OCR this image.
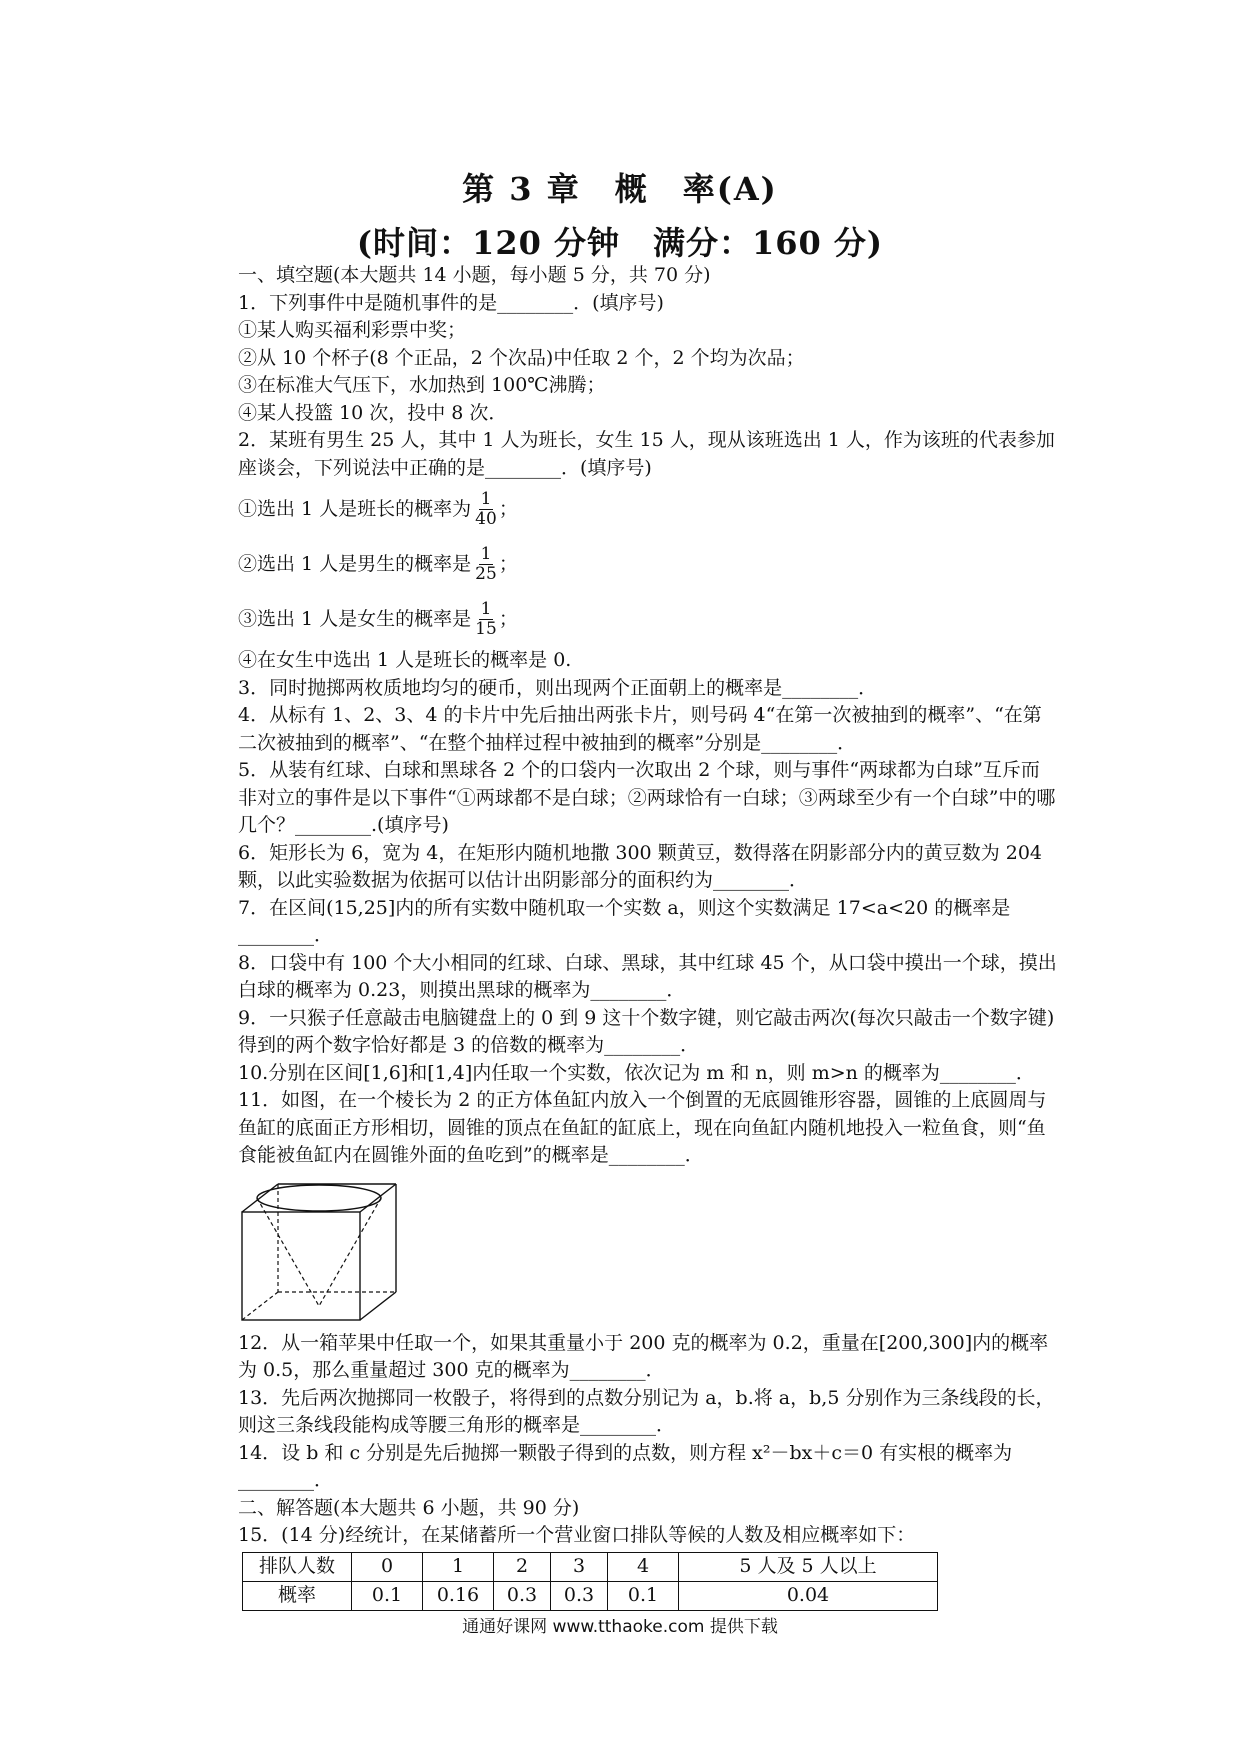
第 3 章　概　率(A)
(时间：120 分钟　满分：160 分)

一、填空题(本大题共 14 小题，每小题 5 分，共 70 分)

1．下列事件中是随机事件的是________．(填序号)

①某人购买福利彩票中奖；

②从 10 个杯子(8 个正品，2 个次品)中任取 2 个，2 个均为次品；

③在标准大气压下，水加热到 100℃沸腾；

④某人投篮 10 次，投中 8 次．

2．某班有男生 25 人，其中 1 人为班长，女生 15 人，现从该班选出 1 人，作为该班的代表参加座谈会，下列说法中正确的是________．(填序号)

①选出 1 人是班长的概率为 $\frac{1}{40}$ ；
②选出 1 人是男生的概率是 $\frac{1}{25}$ ；
③选出 1 人是女生的概率是 $\frac{1}{15}$ ；

④在女生中选出 1 人是班长的概率是 0.

3．同时抛掷两枚质地均匀的硬币，则出现两个正面朝上的概率是________．

4．从标有 1、2、3、4 的卡片中先后抽出两张卡片，则号码 4“在第一次被抽到的概率”、“在第二次被抽到的概率”、“在整个抽样过程中被抽到的概率”分别是________．

5．从装有红球、白球和黑球各 2 个的口袋内一次取出 2 个球，则与事件“两球都为白球”互斥而非对立的事件是以下事件“①两球都不是白球；②两球恰有一白球；③两球至少有一个白球”中的哪几个？________.(填序号)

6．矩形长为 6，宽为 4，在矩形内随机地撒 300 颗黄豆，数得落在阴影部分内的黄豆数为 204 颗，以此实验数据为依据可以估计出阴影部分的面积约为________．

7．在区间(15,25]内的所有实数中随机取一个实数 a，则这个实数满足 17<a<20 的概率是________．

8．口袋中有 100 个大小相同的红球、白球、黑球，其中红球 45 个，从口袋中摸出一个球，摸出白球的概率为 0.23，则摸出黑球的概率为________．

9．一只猴子任意敲击电脑键盘上的 0 到 9 这十个数字键，则它敲击两次(每次只敲击一个数字键)得到的两个数字恰好都是 3 的倍数的概率为________．

10.分别在区间[1,6]和[1,4]内任取一个实数，依次记为 m 和 n，则 m>n 的概率为________．

11．如图，在一个棱长为 2 的正方体鱼缸内放入一个倒置的无底圆锥形容器，圆锥的上底圆周与鱼缸的底面正方形相切，圆锥的顶点在鱼缸的缸底上，现在向鱼缸内随机地投入一粒鱼食，则“鱼食能被鱼缸内在圆锥外面的鱼吃到”的概率是________．

12．从一箱苹果中任取一个，如果其重量小于 200 克的概率为 0.2，重量在[200,300]内的概率为 0.5，那么重量超过 300 克的概率为________．

13．先后两次抛掷同一枚骰子，将得到的点数分别记为 a，b.将 a，b,5 分别作为三条线段的长，则这三条线段能构成等腰三角形的概率是________．

14．设 b 和 c 分别是先后抛掷一颗骰子得到的点数，则方程 x²－bx＋c＝0 有实根的概率为________．

二、解答题(本大题共 6 小题，共 90 分)

15．(14 分)经统计，在某储蓄所一个营业窗口排队等候的人数及相应概率如下：

排队人数	0	1	2	3	4	5 人及 5 人以上
概率	0.1	0.16	0.3	0.3	0.1	0.04
通通好课网 www.tthaoke.com 提供下载
